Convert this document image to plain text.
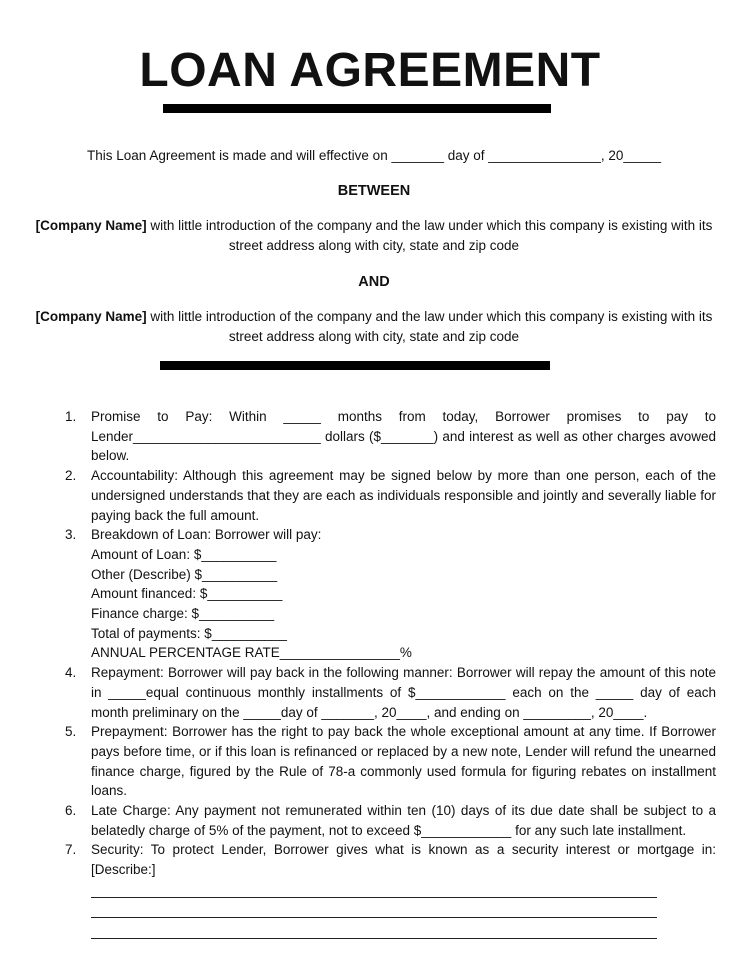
LOAN AGREEMENT
This Loan Agreement is made and will effective on _______ day of _______________, 20_____
BETWEEN
[Company Name] with little introduction of the company and the law under which this company is existing with its street address along with city, state and zip code
AND
[Company Name] with little introduction of the company and the law under which this company is existing with its street address along with city, state and zip code
1. Promise to Pay: Within _____ months from today, Borrower promises to pay to Lender_________________________ dollars ($_______) and interest as well as other charges avowed below.
2. Accountability: Although this agreement may be signed below by more than one person, each of the undersigned understands that they are each as individuals responsible and jointly and severally liable for paying back the full amount.
3. Breakdown of Loan: Borrower will pay:
Amount of Loan: $__________
Other (Describe) $__________
Amount financed: $__________
Finance charge: $__________
Total of payments: $__________
ANNUAL PERCENTAGE RATE________________%
4. Repayment: Borrower will pay back in the following manner: Borrower will repay the amount of this note in _____equal continuous monthly installments of $____________ each on the _____ day of each month preliminary on the _____day of _______, 20____, and ending on _________, 20____.
5. Prepayment: Borrower has the right to pay back the whole exceptional amount at any time. If Borrower pays before time, or if this loan is refinanced or replaced by a new note, Lender will refund the unearned finance charge, figured by the Rule of 78-a commonly used formula for figuring rebates on installment loans.
6. Late Charge: Any payment not remunerated within ten (10) days of its due date shall be subject to a belatedly charge of 5% of the payment, not to exceed $____________ for any such late installment.
7. Security: To protect Lender, Borrower gives what is known as a security interest or mortgage in: [Describe:]
